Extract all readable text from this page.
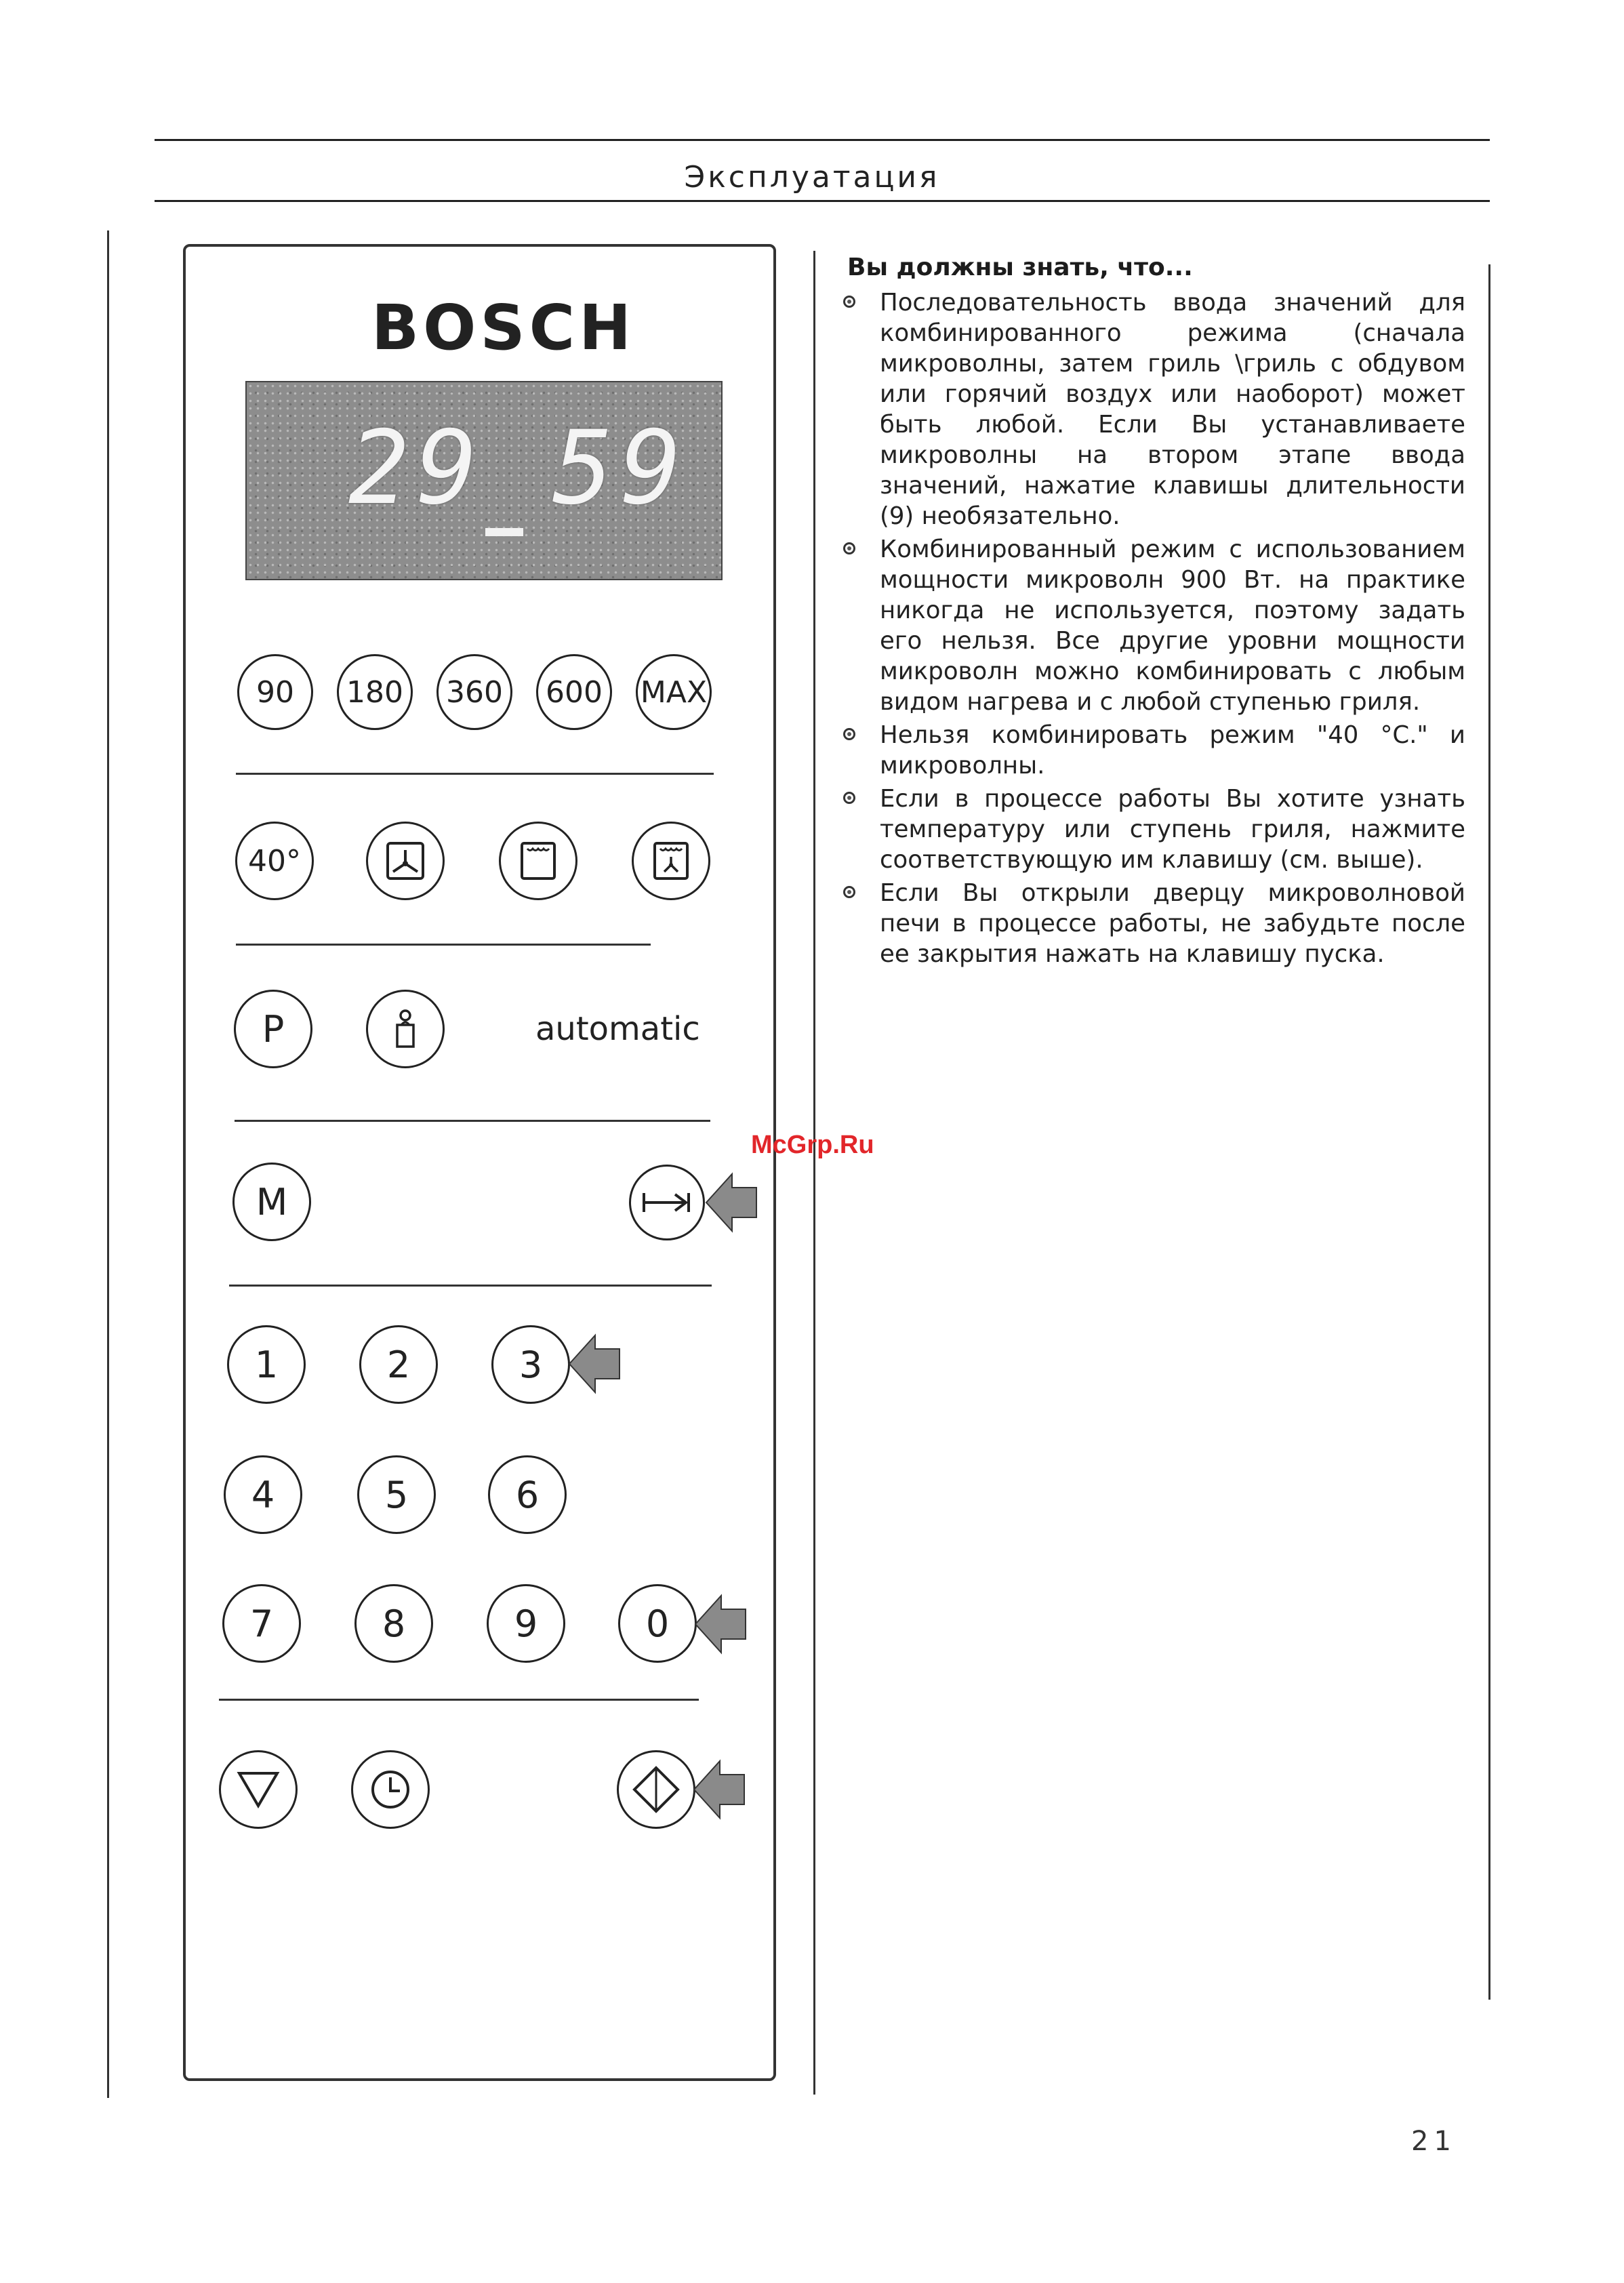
Эксплуатация
BOSCH
29 59
90	180	360	600	MAX
40°
P	automatic
M
1	2	3
4	5	6
7	8	9	0
Вы должны знать, что...
Последовательность ввода значений для комбинированного режима (сначала микроволны, затем гриль \гриль с обдувом или горячий воздух или наоборот) может быть любой. Если Вы устанавливаете микроволны на втором этапе ввода значений, нажатие клавишы длительности (9) необязательно.
Комбинированный режим с использованием мощности микроволн 900 Вт. на практике никогда не используется, поэтому задать его нельзя. Все другие уровни мощности микроволн можно комбинировать с любым видом нагрева и с любой ступенью гриля.
Нельзя комбинировать режим "40 °C." и микроволны.
Если в процессе работы Вы хотите узнать температуру или ступень гриля, нажмите соответствующую им клавишу (см. выше).
Если Вы открыли дверцу микроволновой печи в процессе работы, не забудьте после ее закрытия нажать на клавишу пуска.
McGrp.Ru
21
